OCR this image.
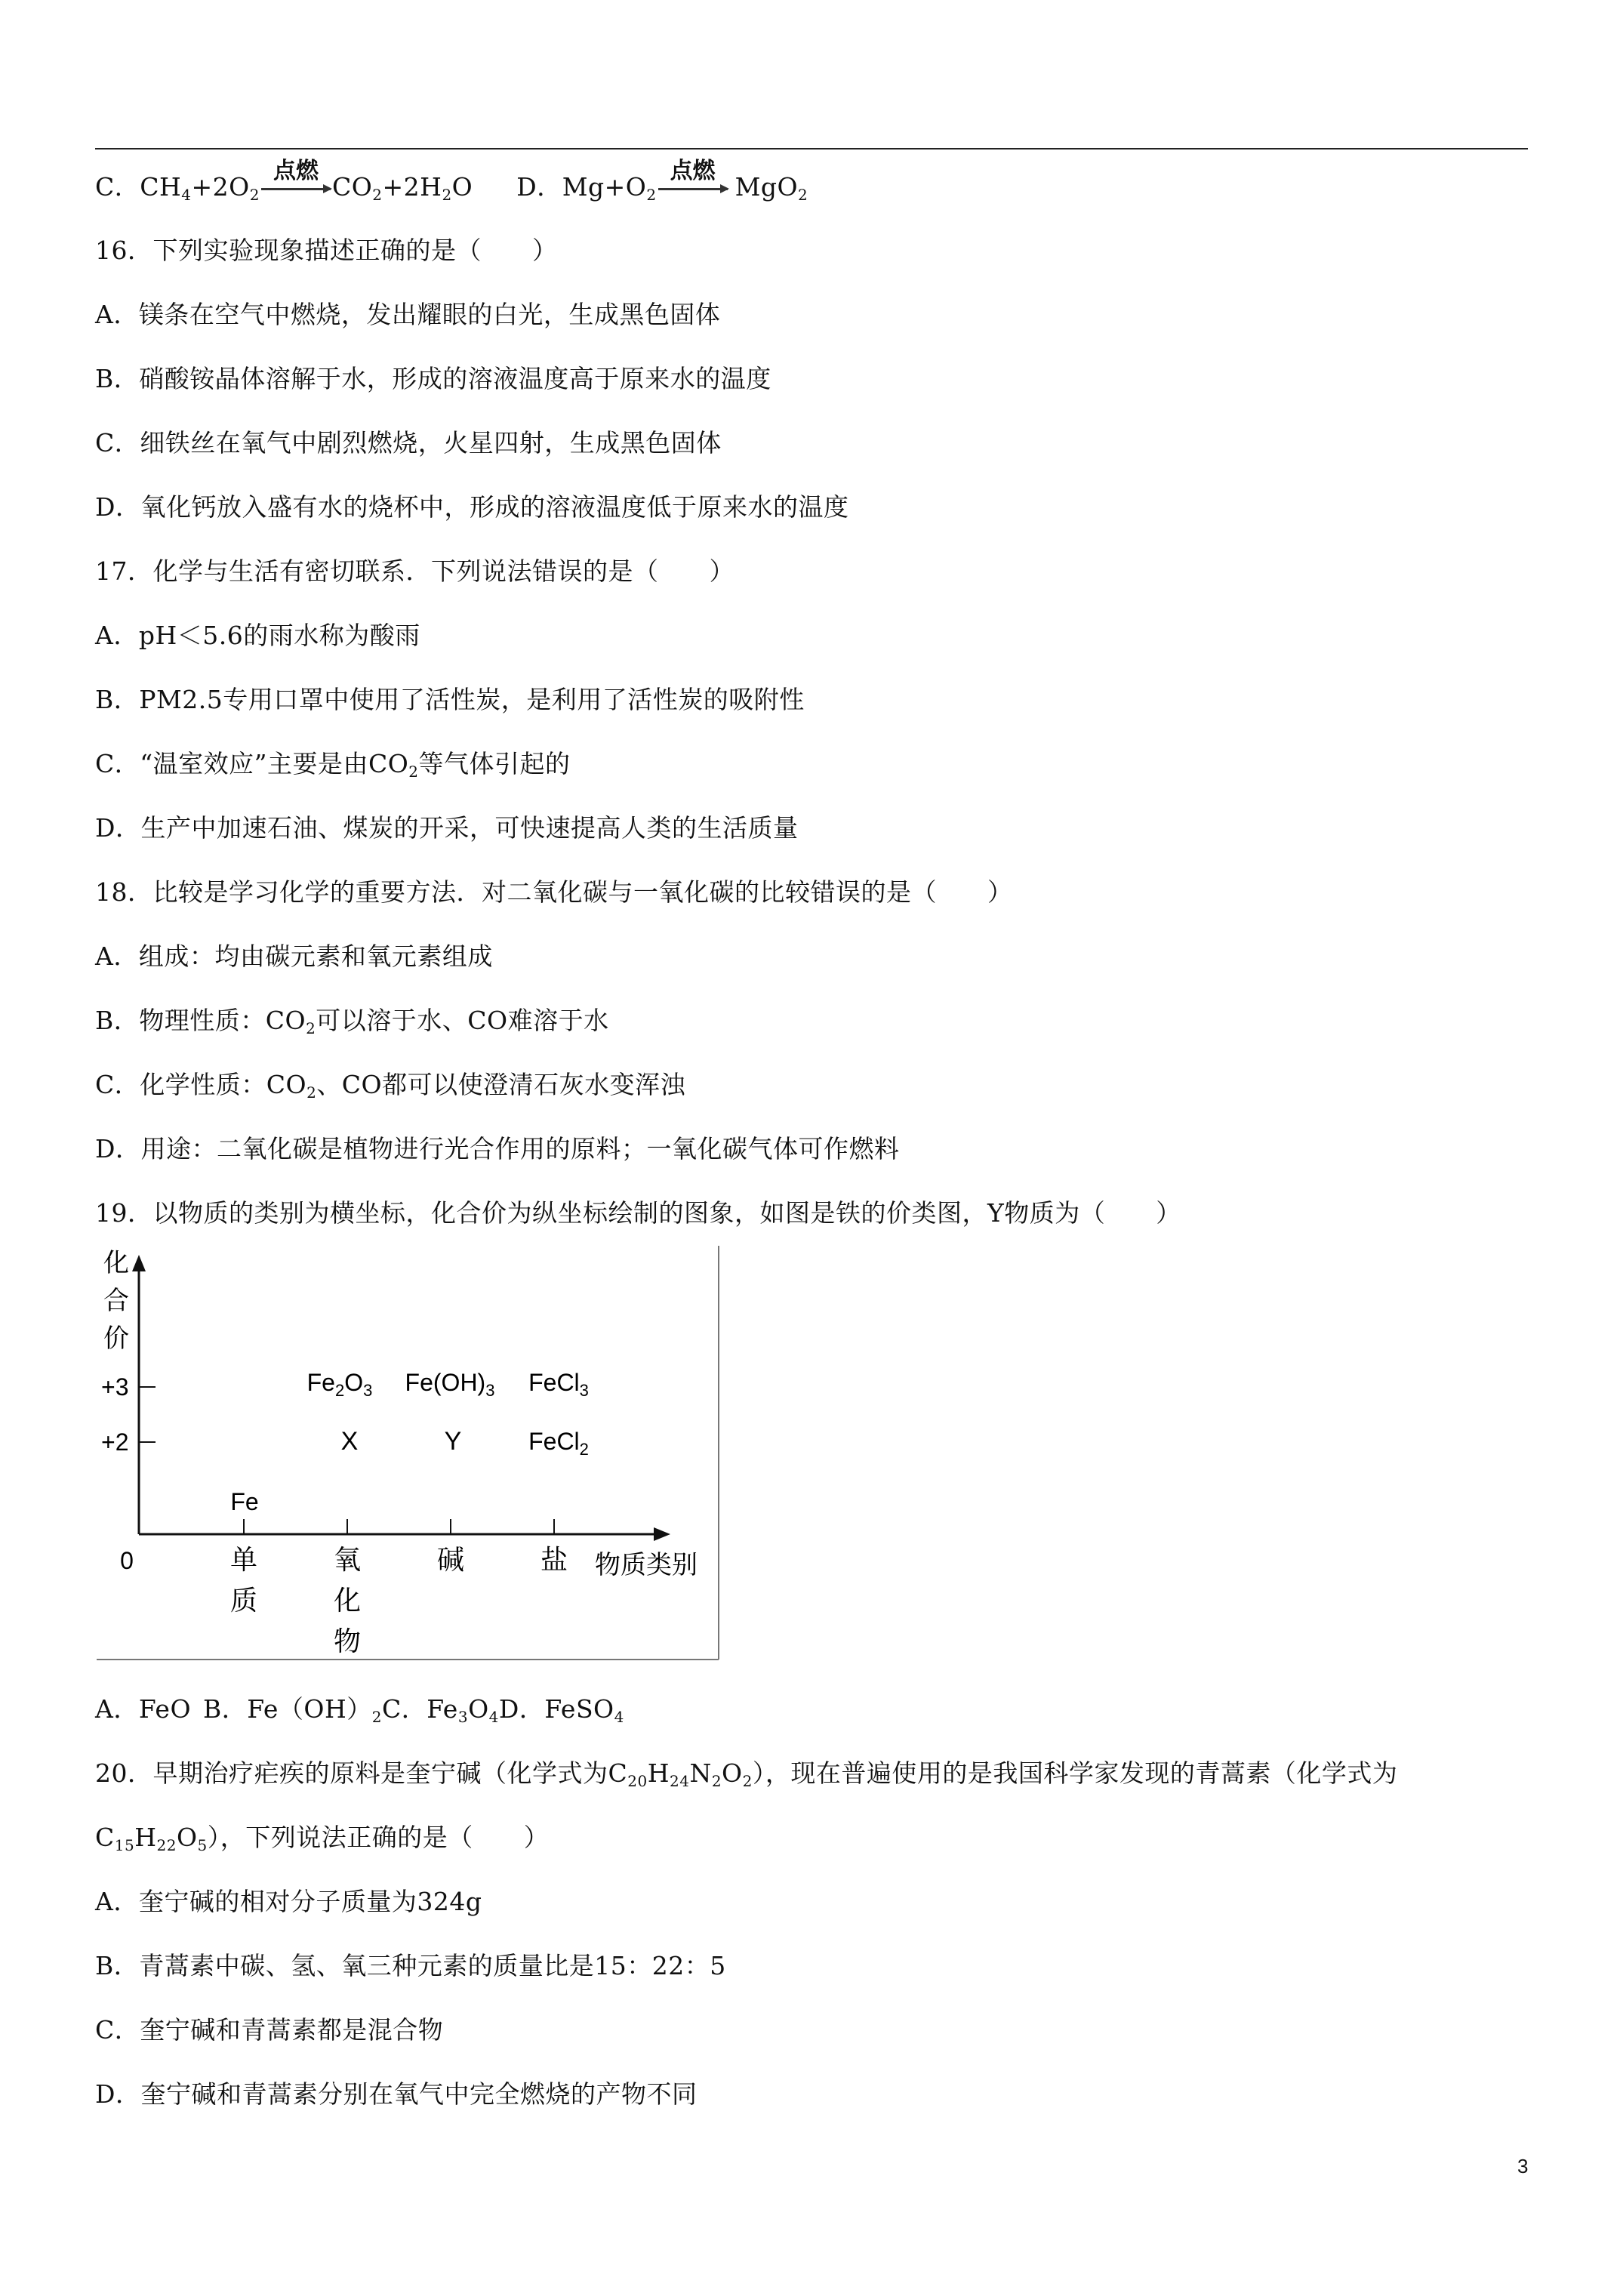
C．$CH_4+2O_2$
点燃
$CO_2+2H_2O$ D．$Mg+O_2$
点燃
MgO$_2$
16．下列实验现象描述正确的是（　　）
A．镁条在空气中燃烧，发出耀眼的白光，生成黑色固体
B．硝酸铵晶体溶解于水，形成的溶液温度高于原来水的温度
C．细铁丝在氧气中剧烈燃烧，火星四射，生成黑色固体
D．氧化钙放入盛有水的烧杯中，形成的溶液温度低于原来水的温度
17．化学与生活有密切联系．下列说法错误的是（　　）
A．pH＜5.6的雨水称为酸雨
B．PM2.5专用口罩中使用了活性炭，是利用了活性炭的吸附性
C．“温室效应”主要是由$CO_2$等气体引起的
D．生产中加速石油、煤炭的开采，可快速提高人类的生活质量
18．比较是学习化学的重要方法．对二氧化碳与一氧化碳的比较错误的是（　　）
A．组成：均由碳元素和氧元素组成
B．物理性质：$CO_2$可以溶于水、CO难溶于水
C．化学性质：$CO_2$、CO都可以使澄清石灰水变浑浊
D．用途：二氧化碳是植物进行光合作用的原料；一氧化碳气体可作燃料
19．以物质的类别为横坐标，化合价为纵坐标绘制的图象，如图是铁的价类图，Y物质为（　　）
化
合
价
+3
+2
0	单
质
氧
化
物
碱	盐 物质类别
Fe
$Fe_2O_3$ $Fe(OH)_3$ FeCl$_3$
X	Y	FeCl$_2$
A．FeO B．$Fe(OH)_2C$．$Fe_3O_4D$．FeSO$_4$
20．早期治疗疟疾的原料是奎宁碱（化学式为$C_{20}H_{24}N_2O_2$），现在普遍使用的是我国科学家发现的青蒿素（化学式为
$C_{15}H_{22}O_5$），下列说法正确的是（　　）
A．奎宁碱的相对分子质量为324g
B．青蒿素中碳、氢、氧三种元素的质量比是15：22：5
C．奎宁碱和青蒿素都是混合物
D．奎宁碱和青蒿素分别在氧气中完全燃烧的产物不同
3
